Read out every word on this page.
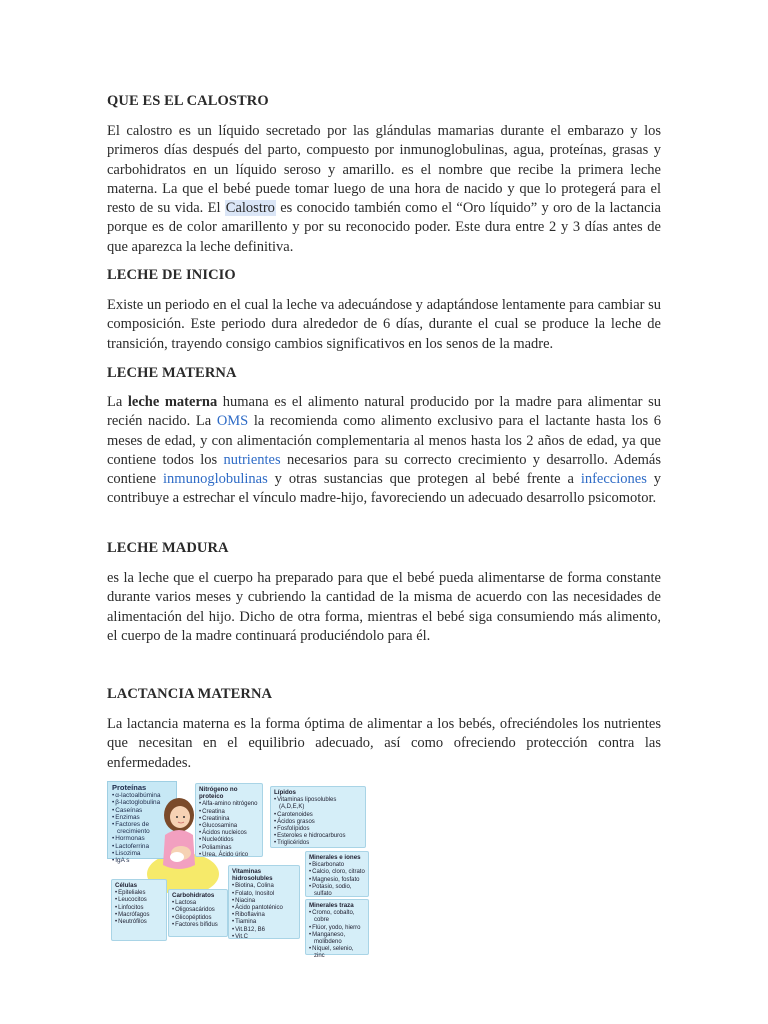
QUE ES EL CALOSTRO

El calostro es un líquido secretado por las glándulas mamarias durante el embarazo y los primeros días después del parto, compuesto por inmunoglobulinas, agua, proteínas, grasas y carbohidratos en un líquido seroso y amarillo. es el nombre que recibe la primera leche materna. La que el bebé puede tomar luego de una hora de nacido y que lo protegerá para el resto de su vida. El Calostro es conocido también como el “Oro líquido” y oro de la lactancia porque es de color amarillento y por su reconocido poder. Este dura entre 2 y 3 días antes de que aparezca la leche definitiva.

LECHE DE INICIO

Existe un periodo en el cual la leche va adecuándose y adaptándose lentamente para cambiar su composición. Este periodo dura alrededor de 6 días, durante el cual se produce la leche de transición, trayendo consigo cambios significativos en los senos de la madre.

LECHE MATERNA

La leche materna humana es el alimento natural producido por la madre para alimentar su recién nacido. La OMS la recomienda como alimento exclusivo para el lactante hasta los 6 meses de edad, y con alimentación complementaria al menos hasta los 2 años de edad, ya que contiene todos los nutrientes necesarios para su correcto crecimiento y desarrollo. Además contiene inmunoglobulinas y otras sustancias que protegen al bebé frente a infecciones y contribuye a estrechar el vínculo madre-hijo, favoreciendo un adecuado desarrollo psicomotor.

LECHE MADURA

es la leche que el cuerpo ha preparado para que el bebé pueda alimentarse de forma constante durante varios meses y cubriendo la cantidad de la misma de acuerdo con las necesidades de alimentación del hijo. Dicho de otra forma, mientras el bebé siga consumiendo más alimento, el cuerpo de la madre continuará produciéndolo para él.

LACTANCIA MATERNA

La lactancia materna es la forma óptima de alimentar a los bebés, ofreciéndoles los nutrientes que necesitan en el equilibrio adecuado, así como ofreciendo protección contra las enfermedades.

Proteínas
• α-lactoalbúmina
• β-lactoglobulina
• Caseínas
• Enzimas
• Factores de crecimiento
• Hormonas
• Lactoferrina
• Lisozima
• IgA s
Nitrógeno no proteico
• Alfa-amino nitrógeno
• Creatina
• Creatinina
• Glucosamina
• Ácidos nucleicos
• Nucleótidos
• Poliaminas
• Urea, Ácido úrico
Lípidos
• Vitaminas liposolubles (A,D,E,K)
• Carotenoides
• Ácidos grasos
• Fosfolípidos
• Esteroles e hidrocarburos
• Triglicéridos
Células
• Epiteliales
• Leucocitos
• Linfocitos
• Macrófagos
• Neutrófilos
Carbohidratos
• Lactosa
• Oligosacáridos
• Glicopéptidos
• Factores bífidus
Vitaminas hidrosolubles
• Biotina, Colina
• Folato, Inositol
• Niacina
• Ácido pantoténico
• Riboflavina
• Tiamina
• Vit.B12, B6
• Vit.C
Minerales e iones
• Bicarbonato
• Calcio, cloro, citrato
• Magnesio, fosfato
• Potasio, sodio, sulfato
Minerales traza
• Cromo, cobalto, cobre
• Flúor, yodo, hierro
• Manganeso, molibdeno
• Níquel, selenio, zinc
